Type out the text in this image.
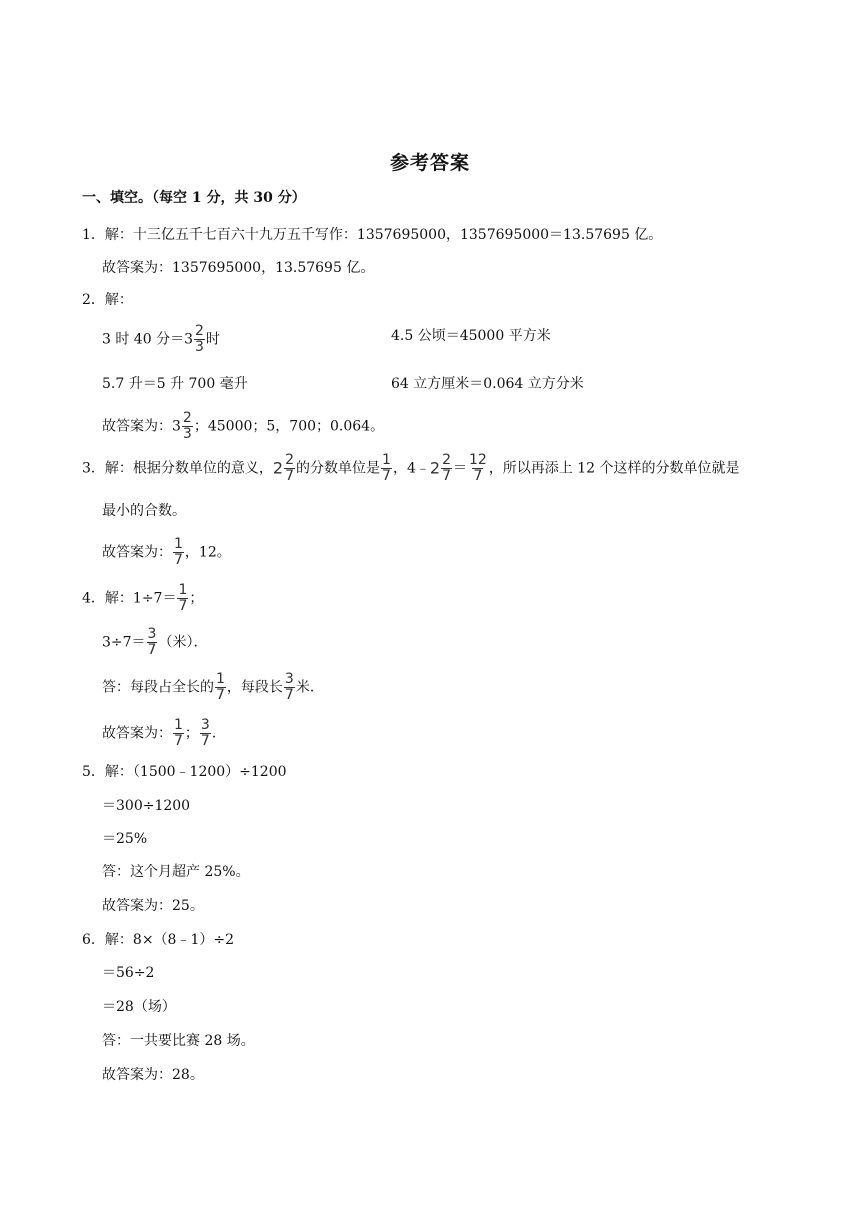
参考答案
一、填空。（每空 1 分，共 30 分）
1．解：十三亿五千七百六十九万五千写作：1357695000，1357695000＝13.57695 亿。
故答案为：1357695000，13.57695 亿。
2．解：
3 时 40 分$=3 \frac{2}{3}$ 时	4.5 公顷＝45000 平方米
5.7 升＝5 升 700 毫升	64 立方厘米＝0.064 立方分米
故答案为：$3 \frac{2}{3}$ ；45000；5，700；0.064。
3．解：根据分数单位的意义，$2 \frac{2}{7}$ 的分数单位是 $\frac{1}{7}$ ，4﹣2 $\frac{2}{7} = \frac{12}{7}$ ，所以再添上 12 个这样的分数单位就是
最小的合数。
故答案为： $\frac{1}{7}$ ，12。
4．解：$1\div 7= \frac{1}{7}$ ；
$3\div 7= \frac{3}{7}$ （米）．
答：每段占全长的 $\frac{1}{7}$ ，每段长 $\frac{3}{7}$ 米．
故答案为： $\frac{1}{7}$ ； $\frac{3}{7}$ ．
5．解：（1500﹣1200）÷1200
＝300÷1200
＝25%
答：这个月超产 25%。
故答案为：25。
6．解：8×（8﹣1）÷2
＝56÷2
＝28（场）
答：一共要比赛 28 场。
故答案为：28。
